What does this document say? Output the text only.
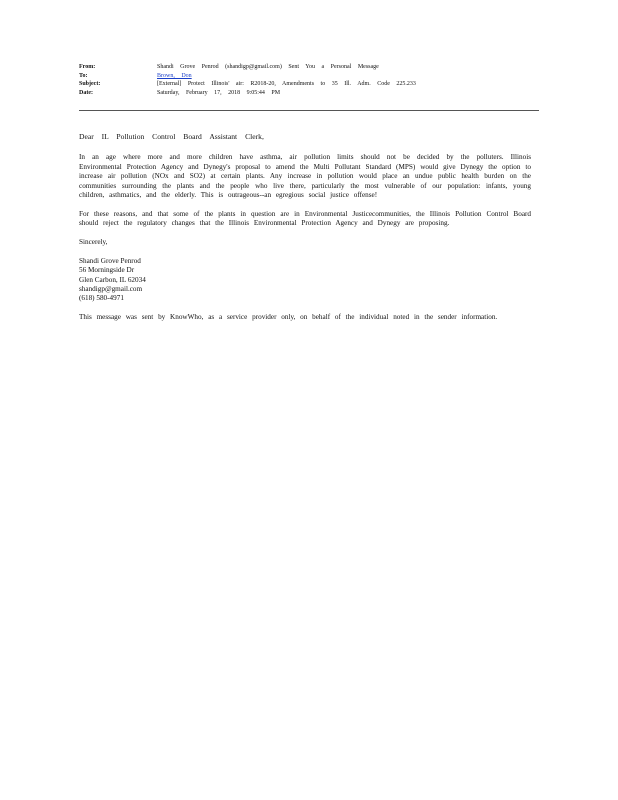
From:	Shandi Grove Penrod (shandigp@gmail.com) Sent You a Personal Message
To:	Brown, Don
Subject:	[External] Protect Illinois' air: R2018-20, Amendments to 35 Ill. Adm. Code 225.233
Date:	Saturday, February 17, 2018 9:05:44 PM

Dear IL Pollution Control Board Assistant Clerk,

In an age where more and more children have asthma, air pollution limits should not be decided by the polluters. Illinois Environmental Protection Agency and Dynegy's proposal to amend the Multi Pollutant Standard (MPS) would give Dynegy the option to increase air pollution (NOx and SO2) at certain plants. Any increase in pollution would place an undue public health burden on the communities surrounding the plants and the people who live there, particularly the most vulnerable of our population: infants, young children, asthmatics, and the elderly. This is outrageous--an egregious social justice offense!

For these reasons, and that some of the plants in question are in Environmental Justicecommunities, the Illinois Pollution Control Board should reject the regulatory changes that the Illinois Environmental Protection Agency and Dynegy are proposing.

Sincerely,

Shandi Grove Penrod
56 Morningside Dr
Glen Carbon, IL 62034
shandigp@gmail.com
(618) 580-4971

This message was sent by KnowWho, as a service provider only, on behalf of the individual noted in the sender information.
